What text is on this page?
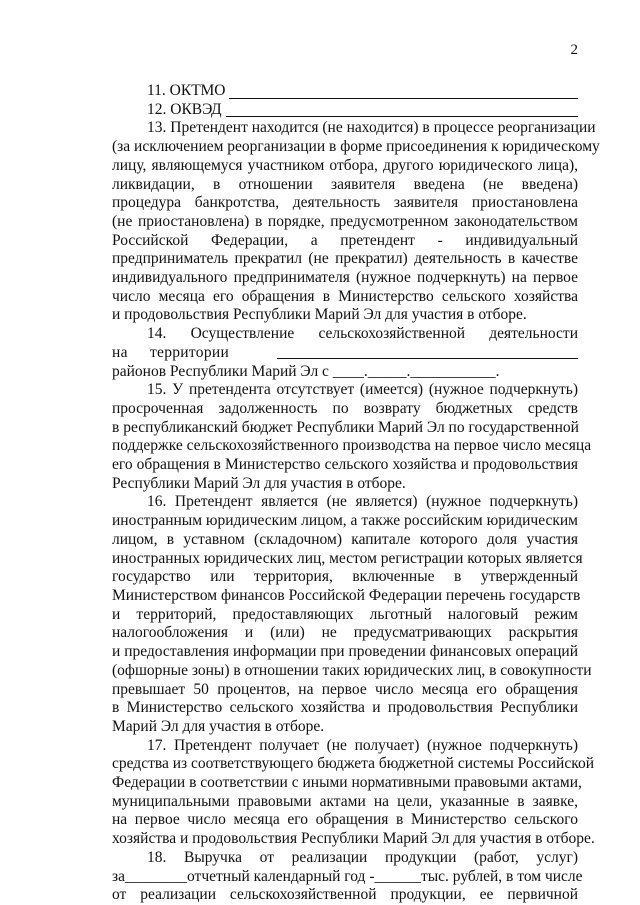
2
11. ОКТМО
12. ОКВЭД
13. Претендент находится (не находится) в процессе реорганизации
(за исключением реорганизации в форме присоединения к юридическому
лицу, являющемуся участником отбора, другого юридического лица),
ликвидации, в отношении заявителя введена (не введена)
процедура банкротства, деятельность заявителя приостановлена
(не приостановлена) в порядке, предусмотренном законодательством
Российской Федерации, а претендент - индивидуальный
предприниматель прекратил (не прекратил) деятельность в качестве
индивидуального предпринимателя (нужное подчеркнуть) на первое
число месяца его обращения в Министерство сельского хозяйства
и продовольствия Республики Марий Эл для участия в отборе.
14. Осуществление сельскохозяйственной деятельности
на территории
районов Республики Марий Эл с ____._____.___________.
15. У претендента отсутствует (имеется) (нужное подчеркнуть)
просроченная задолженность по возврату бюджетных средств
в республиканский бюджет Республики Марий Эл по государственной
поддержке сельскохозяйственного производства на первое число месяца
его обращения в Министерство сельского хозяйства и продовольствия
Республики Марий Эл для участия в отборе.
16. Претендент является (не является) (нужное подчеркнуть)
иностранным юридическим лицом, а также российским юридическим
лицом, в уставном (складочном) капитале которого доля участия
иностранных юридических лиц, местом регистрации которых является
государство или территория, включенные в утвержденный
Министерством финансов Российской Федерации перечень государств
и территорий, предоставляющих льготный налоговый режим
налогообложения и (или) не предусматривающих раскрытия
и предоставления информации при проведении финансовых операций
(офшорные зоны) в отношении таких юридических лиц, в совокупности
превышает 50 процентов, на первое число месяца его обращения
в Министерство сельского хозяйства и продовольствия Республики
Марий Эл для участия в отборе.
17. Претендент получает (не получает) (нужное подчеркнуть)
средства из соответствующего бюджета бюджетной системы Российской
Федерации в соответствии с иными нормативными правовыми актами,
муниципальными правовыми актами на цели, указанные в заявке,
на первое число месяца его обращения в Министерство сельского
хозяйства и продовольствия Республики Марий Эл для участия в отборе.
18. Выручка от реализации продукции (работ, услуг)
за ________ отчетный календарный год - ______ тыс. рублей, в том числе
от реализации сельскохозяйственной продукции, ее первичной
